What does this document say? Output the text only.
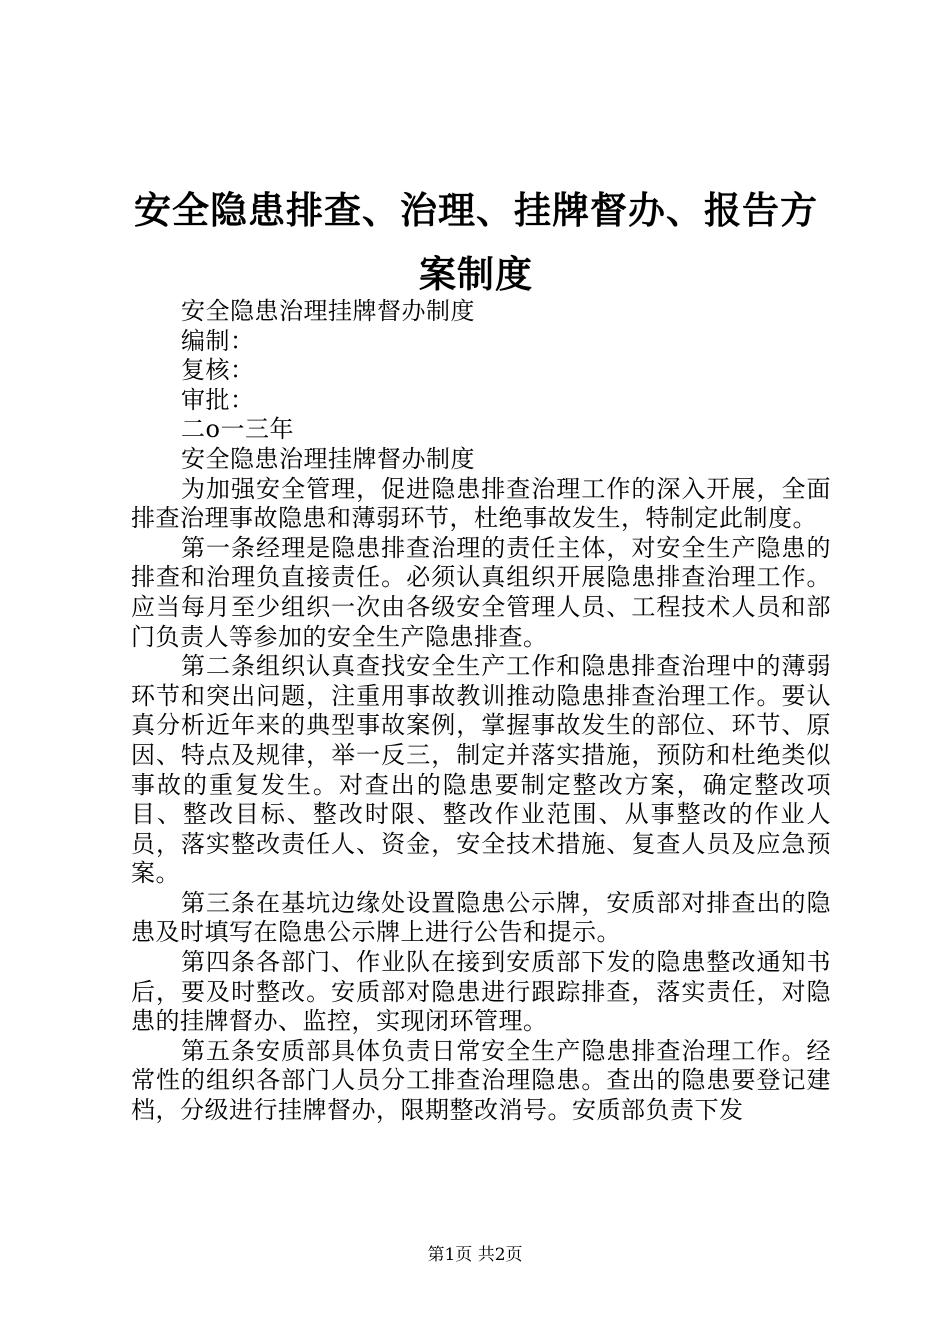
安全隐患排查、治理、挂牌督办、报告方案制度

安全隐患治理挂牌督办制度

编制：

复核：

审批：

二o一三年

安全隐患治理挂牌督办制度

为加强安全管理，促进隐患排查治理工作的深入开展，全面排查治理事故隐患和薄弱环节，杜绝事故发生，特制定此制度。

第一条经理是隐患排查治理的责任主体，对安全生产隐患的排查和治理负直接责任。必须认真组织开展隐患排查治理工作。应当每月至少组织一次由各级安全管理人员、工程技术人员和部门负责人等参加的安全生产隐患排查。

第二条组织认真查找安全生产工作和隐患排查治理中的薄弱环节和突出问题，注重用事故教训推动隐患排查治理工作。要认真分析近年来的典型事故案例，掌握事故发生的部位、环节、原因、特点及规律，举一反三，制定并落实措施，预防和杜绝类似事故的重复发生。对查出的隐患要制定整改方案，确定整改项目、整改目标、整改时限、整改作业范围、从事整改的作业人员，落实整改责任人、资金，安全技术措施、复查人员及应急预案。

第三条在基坑边缘处设置隐患公示牌，安质部对排查出的隐患及时填写在隐患公示牌上进行公告和提示。

第四条各部门、作业队在接到安质部下发的隐患整改通知书后，要及时整改。安质部对隐患进行跟踪排查，落实责任，对隐患的挂牌督办、监控，实现闭环管理。

第五条安质部具体负责日常安全生产隐患排查治理工作。经常性的组织各部门人员分工排查治理隐患。查出的隐患要登记建档，分级进行挂牌督办，限期整改消号。安质部负责下发

第1页 共2页
